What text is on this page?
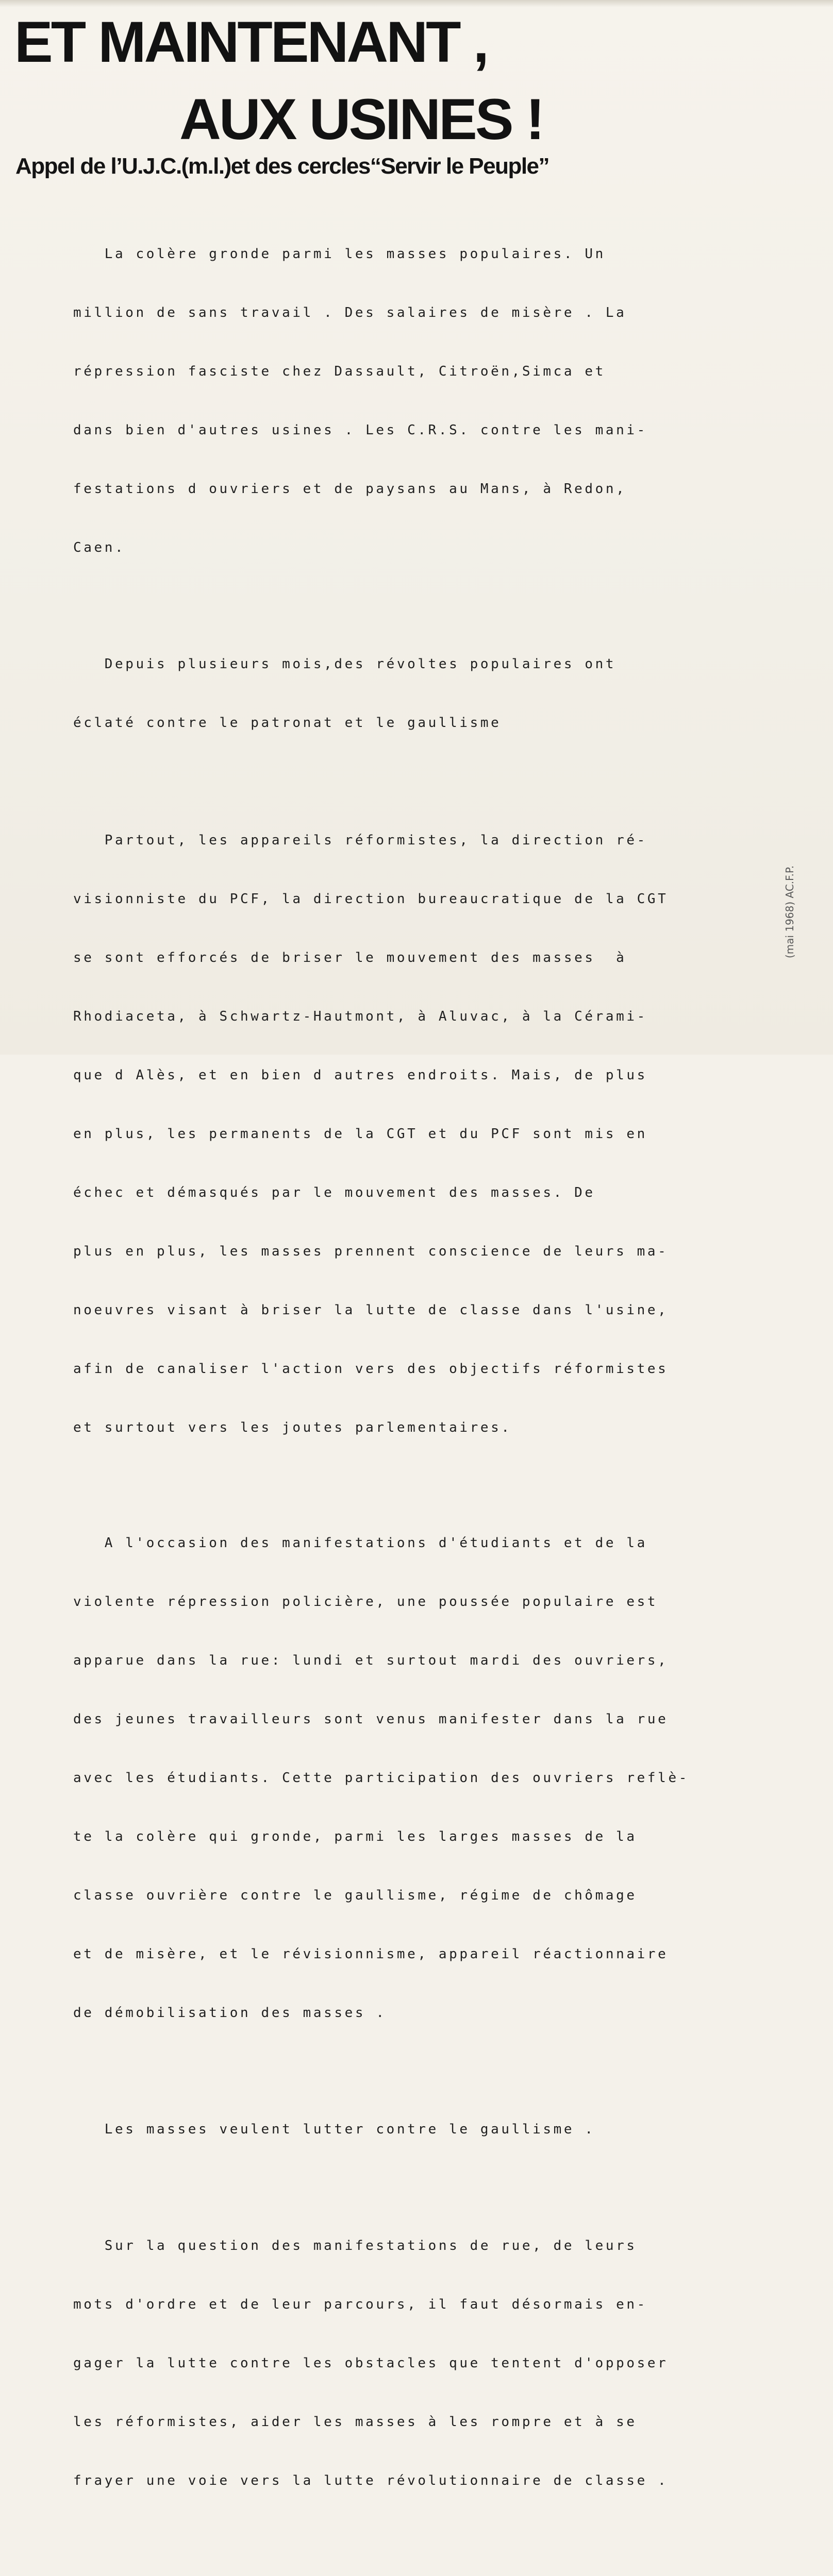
ET MAINTENANT ,
AUX USINES !
Appel de l’U.J.C.(m.l.)et des cercles“Servir le Peuple”

La colère gronde parmi les masses populaires. Un

million de sans travail . Des salaires de misère . La

répression fasciste chez Dassault, Citroën,Simca et

dans bien d'autres usines . Les C.R.S. contre les mani-

festations d ouvriers et de paysans au Mans, à Redon,

Caen.

Depuis plusieurs mois,des révoltes populaires ont

éclaté contre le patronat et le gaullisme

Partout, les appareils réformistes, la direction ré-

visionniste du PCF, la direction bureaucratique de la CGT

se sont efforcés de briser le mouvement des masses  à

Rhodiaceta, à Schwartz-Hautmont, à Aluvac, à la Cérami-

que d Alès, et en bien d autres endroits. Mais, de plus

en plus, les permanents de la CGT et du PCF sont mis en

échec et démasqués par le mouvement des masses. De

plus en plus, les masses prennent conscience de leurs ma-

noeuvres visant à briser la lutte de classe dans l'usine,

afin de canaliser l'action vers des objectifs réformistes

et surtout vers les joutes parlementaires.

A l'occasion des manifestations d'étudiants et de la

violente répression policière, une poussée populaire est

apparue dans la rue: lundi et surtout mardi des ouvriers,

des jeunes travailleurs sont venus manifester dans la rue

avec les étudiants. Cette participation des ouvriers reflè-

te la colère qui gronde, parmi les larges masses de la

classe ouvrière contre le gaullisme, régime de chômage

et de misère, et le révisionnisme, appareil réactionnaire

de démobilisation des masses .

Les masses veulent lutter contre le gaullisme .

Sur la question des manifestations de rue, de leurs

mots d'ordre et de leur parcours, il faut désormais en-

gager la lutte contre les obstacles que tentent d'opposer

les réformistes, aider les masses à les rompre et à se

frayer une voie vers la lutte révolutionnaire de classe .

(mai 1968) AC.F.P.
